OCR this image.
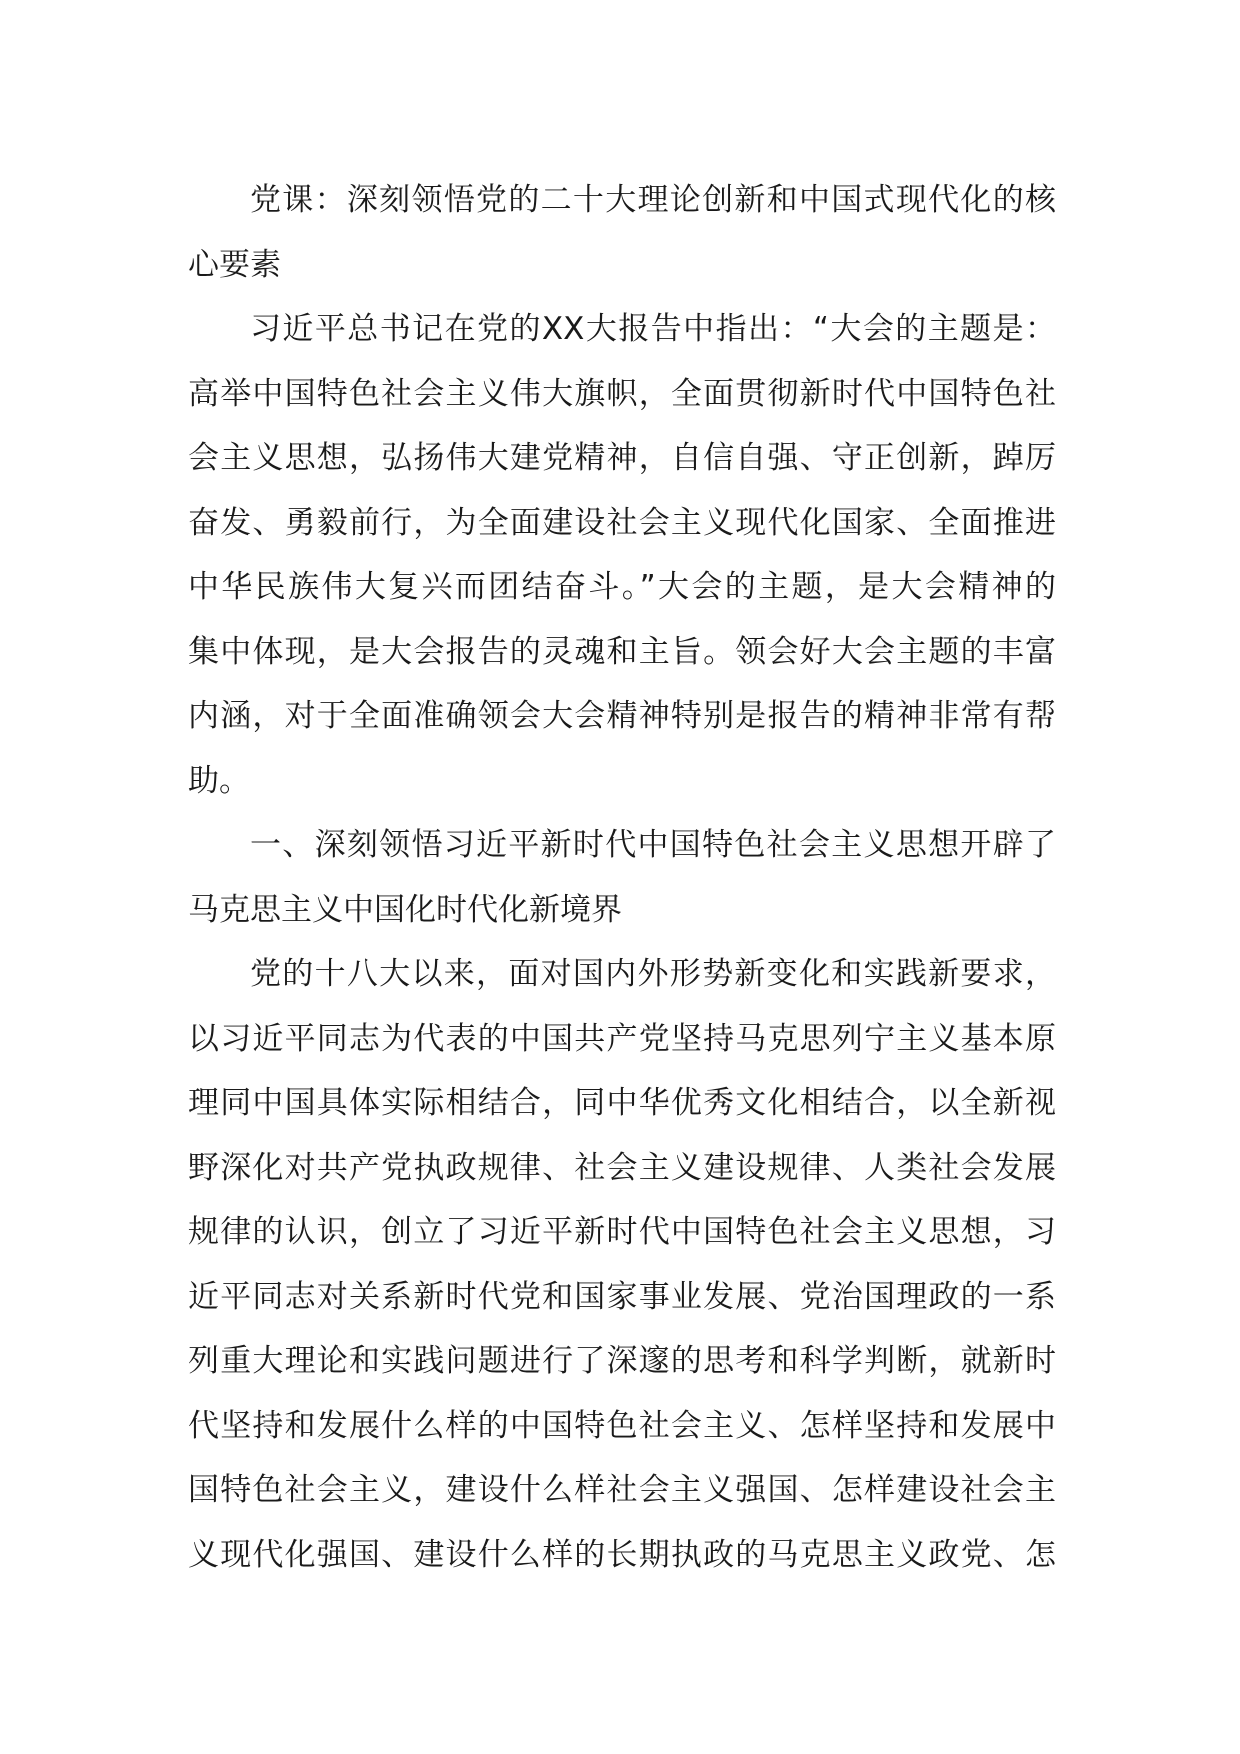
党课：深刻领悟党的二十大理论创新和中国式现代化的核
心要素
习近平总书记在党的XX大报告中指出：“大会的主题是：
高举中国特色社会主义伟大旗帜，全面贯彻新时代中国特色社
会主义思想，弘扬伟大建党精神，自信自强、守正创新，踔厉
奋发、勇毅前行，为全面建设社会主义现代化国家、全面推进
中华民族伟大复兴而团结奋斗。”大会的主题，是大会精神的
集中体现，是大会报告的灵魂和主旨。领会好大会主题的丰富
内涵，对于全面准确领会大会精神特别是报告的精神非常有帮
助。
一、深刻领悟习近平新时代中国特色社会主义思想开辟了
马克思主义中国化时代化新境界
党的十八大以来，面对国内外形势新变化和实践新要求，
以习近平同志为代表的中国共产党坚持马克思列宁主义基本原
理同中国具体实际相结合，同中华优秀文化相结合，以全新视
野深化对共产党执政规律、社会主义建设规律、人类社会发展
规律的认识，创立了习近平新时代中国特色社会主义思想，习
近平同志对关系新时代党和国家事业发展、党治国理政的一系
列重大理论和实践问题进行了深邃的思考和科学判断，就新时
代坚持和发展什么样的中国特色社会主义、怎样坚持和发展中
国特色社会主义，建设什么样社会主义强国、怎样建设社会主
义现代化强国、建设什么样的长期执政的马克思主义政党、怎
